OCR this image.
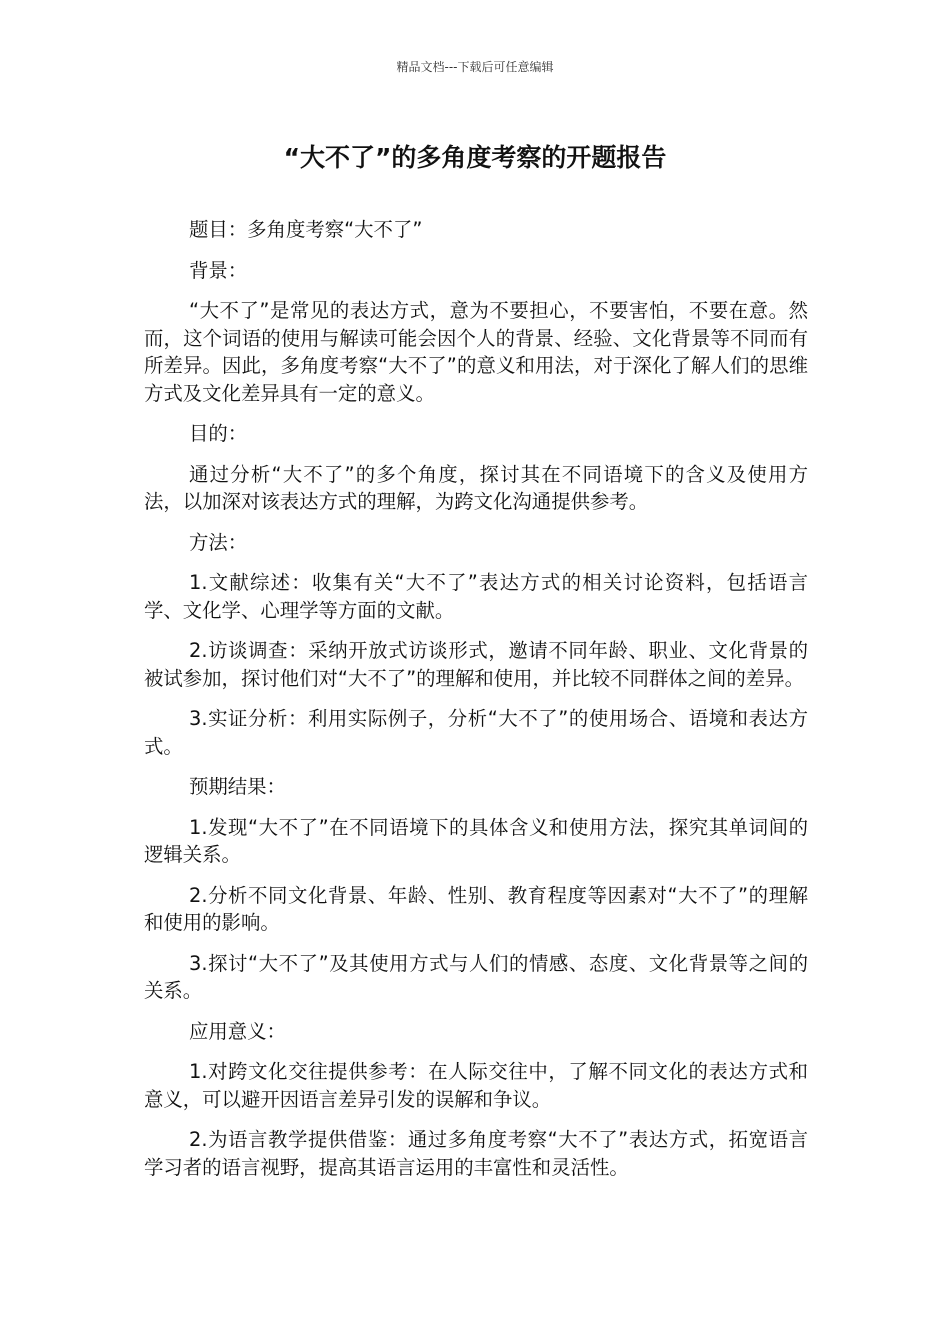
精品文档---下载后可任意编辑
“大不了”的多角度考察的开题报告

题目：多角度考察“大不了”

背景：

“大不了”是常见的表达方式，意为不要担心，不要害怕，不要在意。然而，这个词语的使用与解读可能会因个人的背景、经验、文化背景等不同而有所差异。因此，多角度考察“大不了”的意义和用法，对于深化了解人们的思维方式及文化差异具有一定的意义。

目的：

通过分析“大不了”的多个角度，探讨其在不同语境下的含义及使用方法，以加深对该表达方式的理解，为跨文化沟通提供参考。

方法：

1.文献综述：收集有关“大不了”表达方式的相关讨论资料，包括语言学、文化学、心理学等方面的文献。

2.访谈调查：采纳开放式访谈形式，邀请不同年龄、职业、文化背景的被试参加，探讨他们对“大不了”的理解和使用，并比较不同群体之间的差异。

3.实证分析：利用实际例子，分析“大不了”的使用场合、语境和表达方式。

预期结果：

1.发现“大不了”在不同语境下的具体含义和使用方法，探究其单词间的逻辑关系。

2.分析不同文化背景、年龄、性别、教育程度等因素对“大不了”的理解和使用的影响。

3.探讨“大不了”及其使用方式与人们的情感、态度、文化背景等之间的关系。

应用意义：

1.对跨文化交往提供参考：在人际交往中，了解不同文化的表达方式和意义，可以避开因语言差异引发的误解和争议。

2.为语言教学提供借鉴：通过多角度考察“大不了”表达方式，拓宽语言学习者的语言视野，提高其语言运用的丰富性和灵活性。
